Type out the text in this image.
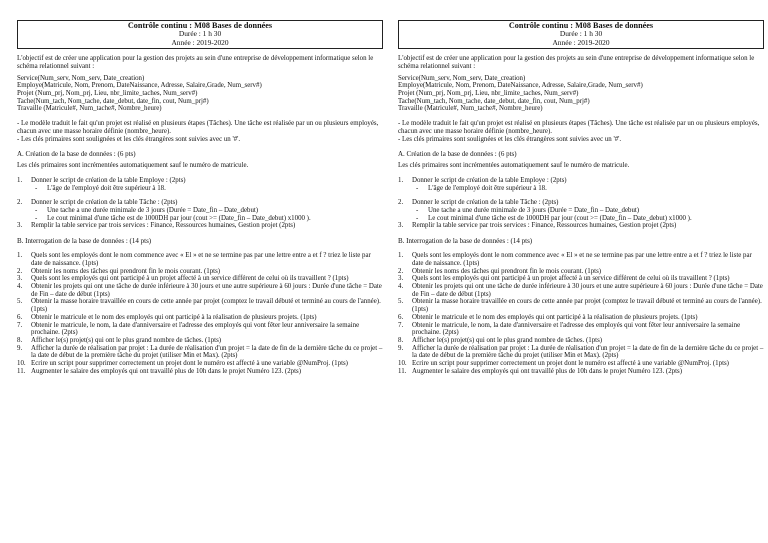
Contrôle continu : M08 Bases de données
Durée : 1 h 30
Année : 2019-2020

L'objectif est de créer une application pour la gestion des projets au sein d'une entreprise de développement informatique selon le schéma relationnel suivant :

Service(Num_serv, Nom_serv, Date_creation)

Employe(Matricule, Nom, Prenom, DateNaissance, Adresse, Salaire,Grade, Num_serv#)

Projet (Num_prj, Nom_prj, Lieu, nbr_limite_taches, Num_serv#)

Tache(Num_tach, Nom_tache, date_debut, date_fin, cout, Num_prj#)

Travaille (Matricule#, Num_tache#, Nombre_heure)

- Le modèle traduit le fait qu'un projet est réalisé en plusieurs étapes (Tâches). Une tâche est réalisée par un ou plusieurs employés, chacun avec une masse horaire définie (nombre_heure).

- Les clés primaires sont soulignées et les clés étrangères sont suivies avec un '#'.

A. Création de la base de données : (6 pts)

Les clés primaires sont incrémentées automatiquement sauf le numéro de matricule.

1.	Donner le script de création de la table Employe : (2pts)
-	L'âge de l'employé doit être supérieur à 18.
2.	Donner le script de création de la table Tâche : (2pts)
-	Une tache a une durée minimale de 3 jours (Durée = Date_fin – Date_debut)
-	Le cout minimal d'une tâche est de 1000DH par jour (cout >= (Date_fin – Date_debut) x1000 ).
3.	Remplir la table service par trois services : Finance, Ressources humaines, Gestion projet (2pts)

B. Interrogation de la base de données : (14 pts)

1.	Quels sont les employés dont le nom commence avec « El » et ne se termine pas par une lettre entre a et f ? triez le liste par date de naissance. (1pts)
2.	Obtenir les noms des tâches qui prendront fin le mois courant. (1pts)
3.	Quels sont les employés qui ont participé à un projet affecté à un service différent de celui où ils travaillent ? (1pts)
4.	Obtenir les projets qui ont une tâche de durée inférieure à 30 jours et une autre supérieure à 60 jours : Durée d'une tâche = Date de Fin – date de début (1pts)
5.	Obtenir la masse horaire travaillée en cours de cette année par projet (comptez le travail débuté et terminé au cours de l'année). (1pts)
6.	Obtenir le matricule et le nom des employés qui ont participé à la réalisation de plusieurs projets. (1pts)
7.	Obtenir le matricule, le nom, la date d'anniversaire et l'adresse des employés qui vont fêter leur anniversaire la semaine prochaine. (2pts)
8.	Afficher le(s) projet(s) qui ont le plus grand nombre de tâches. (1pts)
9.	Afficher la durée de réalisation par projet : La durée de réalisation d'un projet = la date de fin de la dernière tâche du ce projet – la date de début de la première tâche du projet (utiliser Min et Max). (2pts)
10. Ecrire un script pour supprimer correctement un projet dont le numéro est affecté à une variable @NumProj. (1pts)
11. Augmenter le salaire des employés qui ont travaillé plus de 10h dans le projet Numéro 123. (2pts)
Contrôle continu : M08 Bases de données
Durée : 1 h 30
Année : 2019-2020

L'objectif est de créer une application pour la gestion des projets au sein d'une entreprise de développement informatique selon le schéma relationnel suivant :

Service(Num_serv, Nom_serv, Date_creation)

Employe(Matricule, Nom, Prenom, DateNaissance, Adresse, Salaire,Grade, Num_serv#)

Projet (Num_prj, Nom_prj, Lieu, nbr_limite_taches, Num_serv#)

Tache(Num_tach, Nom_tache, date_debut, date_fin, cout, Num_prj#)

Travaille (Matricule#, Num_tache#, Nombre_heure)

- Le modèle traduit le fait qu'un projet est réalisé en plusieurs étapes (Tâches). Une tâche est réalisée par un ou plusieurs employés, chacun avec une masse horaire définie (nombre_heure).

- Les clés primaires sont soulignées et les clés étrangères sont suivies avec un '#'.

A. Création de la base de données : (6 pts)

Les clés primaires sont incrémentées automatiquement sauf le numéro de matricule.

1.	Donner le script de création de la table Employe : (2pts)
-	L'âge de l'employé doit être supérieur à 18.
2.	Donner le script de création de la table Tâche : (2pts)
-	Une tache a une durée minimale de 3 jours (Durée = Date_fin – Date_debut)
-	Le cout minimal d'une tâche est de 1000DH par jour (cout >= (Date_fin – Date_debut) x1000 ).
3.	Remplir la table service par trois services : Finance, Ressources humaines, Gestion projet (2pts)

B. Interrogation de la base de données : (14 pts)

1.	Quels sont les employés dont le nom commence avec « El » et ne se termine pas par une lettre entre a et f ? triez le liste par date de naissance. (1pts)
2.	Obtenir les noms des tâches qui prendront fin le mois courant. (1pts)
3.	Quels sont les employés qui ont participé à un projet affecté à un service différent de celui où ils travaillent ? (1pts)
4.	Obtenir les projets qui ont une tâche de durée inférieure à 30 jours et une autre supérieure à 60 jours : Durée d'une tâche = Date de Fin – date de début (1pts)
5.	Obtenir la masse horaire travaillée en cours de cette année par projet (comptez le travail débuté et terminé au cours de l'année). (1pts)
6.	Obtenir le matricule et le nom des employés qui ont participé à la réalisation de plusieurs projets. (1pts)
7.	Obtenir le matricule, le nom, la date d'anniversaire et l'adresse des employés qui vont fêter leur anniversaire la semaine prochaine. (2pts)
8.	Afficher le(s) projet(s) qui ont le plus grand nombre de tâches. (1pts)
9.	Afficher la durée de réalisation par projet : La durée de réalisation d'un projet = la date de fin de la dernière tâche du ce projet – la date de début de la première tâche du projet (utiliser Min et Max). (2pts)
10. Ecrire un script pour supprimer correctement un projet dont le numéro est affecté à une variable @NumProj. (1pts)
11. Augmenter le salaire des employés qui ont travaillé plus de 10h dans le projet Numéro 123. (2pts)
